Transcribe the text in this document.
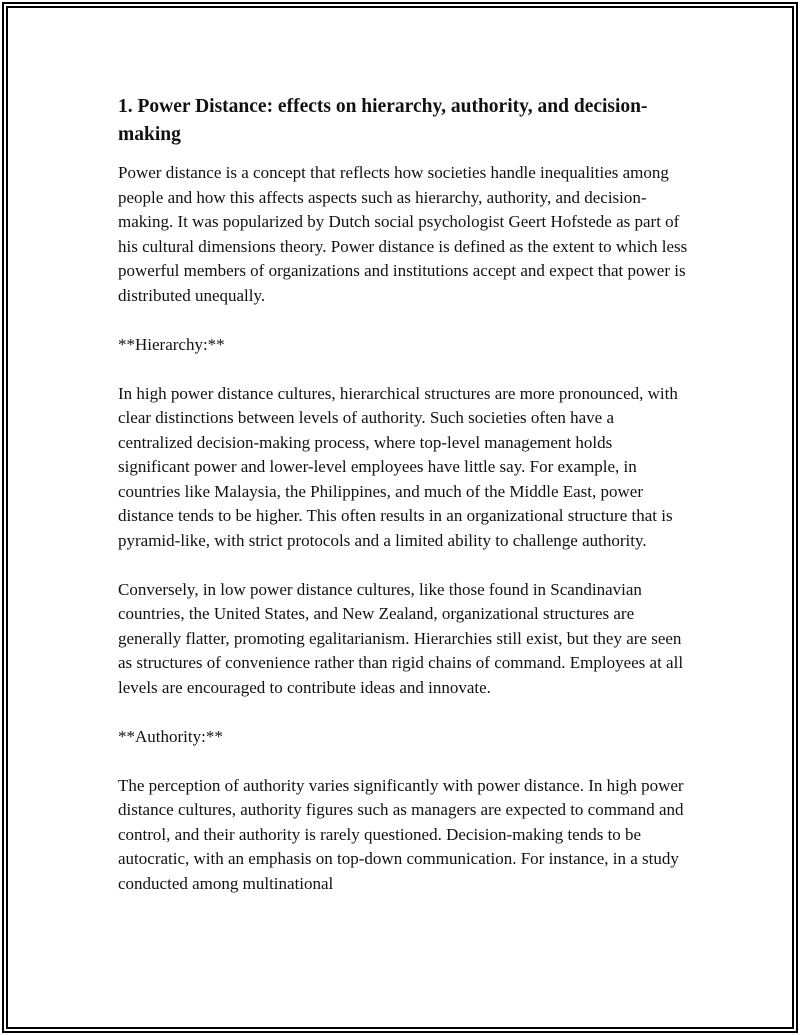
1. Power Distance: effects on hierarchy, authority, and decision-making

Power distance is a concept that reflects how societies handle inequalities among people and how this affects aspects such as hierarchy, authority, and decision-making. It was popularized by Dutch social psychologist Geert Hofstede as part of his cultural dimensions theory. Power distance is defined as the extent to which less powerful members of organizations and institutions accept and expect that power is distributed unequally.

**Hierarchy:**

In high power distance cultures, hierarchical structures are more pronounced, with clear distinctions between levels of authority. Such societies often have a centralized decision-making process, where top-level management holds significant power and lower-level employees have little say. For example, in countries like Malaysia, the Philippines, and much of the Middle East, power distance tends to be higher. This often results in an organizational structure that is pyramid-like, with strict protocols and a limited ability to challenge authority.

Conversely, in low power distance cultures, like those found in Scandinavian countries, the United States, and New Zealand, organizational structures are generally flatter, promoting egalitarianism. Hierarchies still exist, but they are seen as structures of convenience rather than rigid chains of command. Employees at all levels are encouraged to contribute ideas and innovate.

**Authority:**

The perception of authority varies significantly with power distance. In high power distance cultures, authority figures such as managers are expected to command and control, and their authority is rarely questioned. Decision-making tends to be autocratic, with an emphasis on top-down communication. For instance, in a study conducted among multinational
